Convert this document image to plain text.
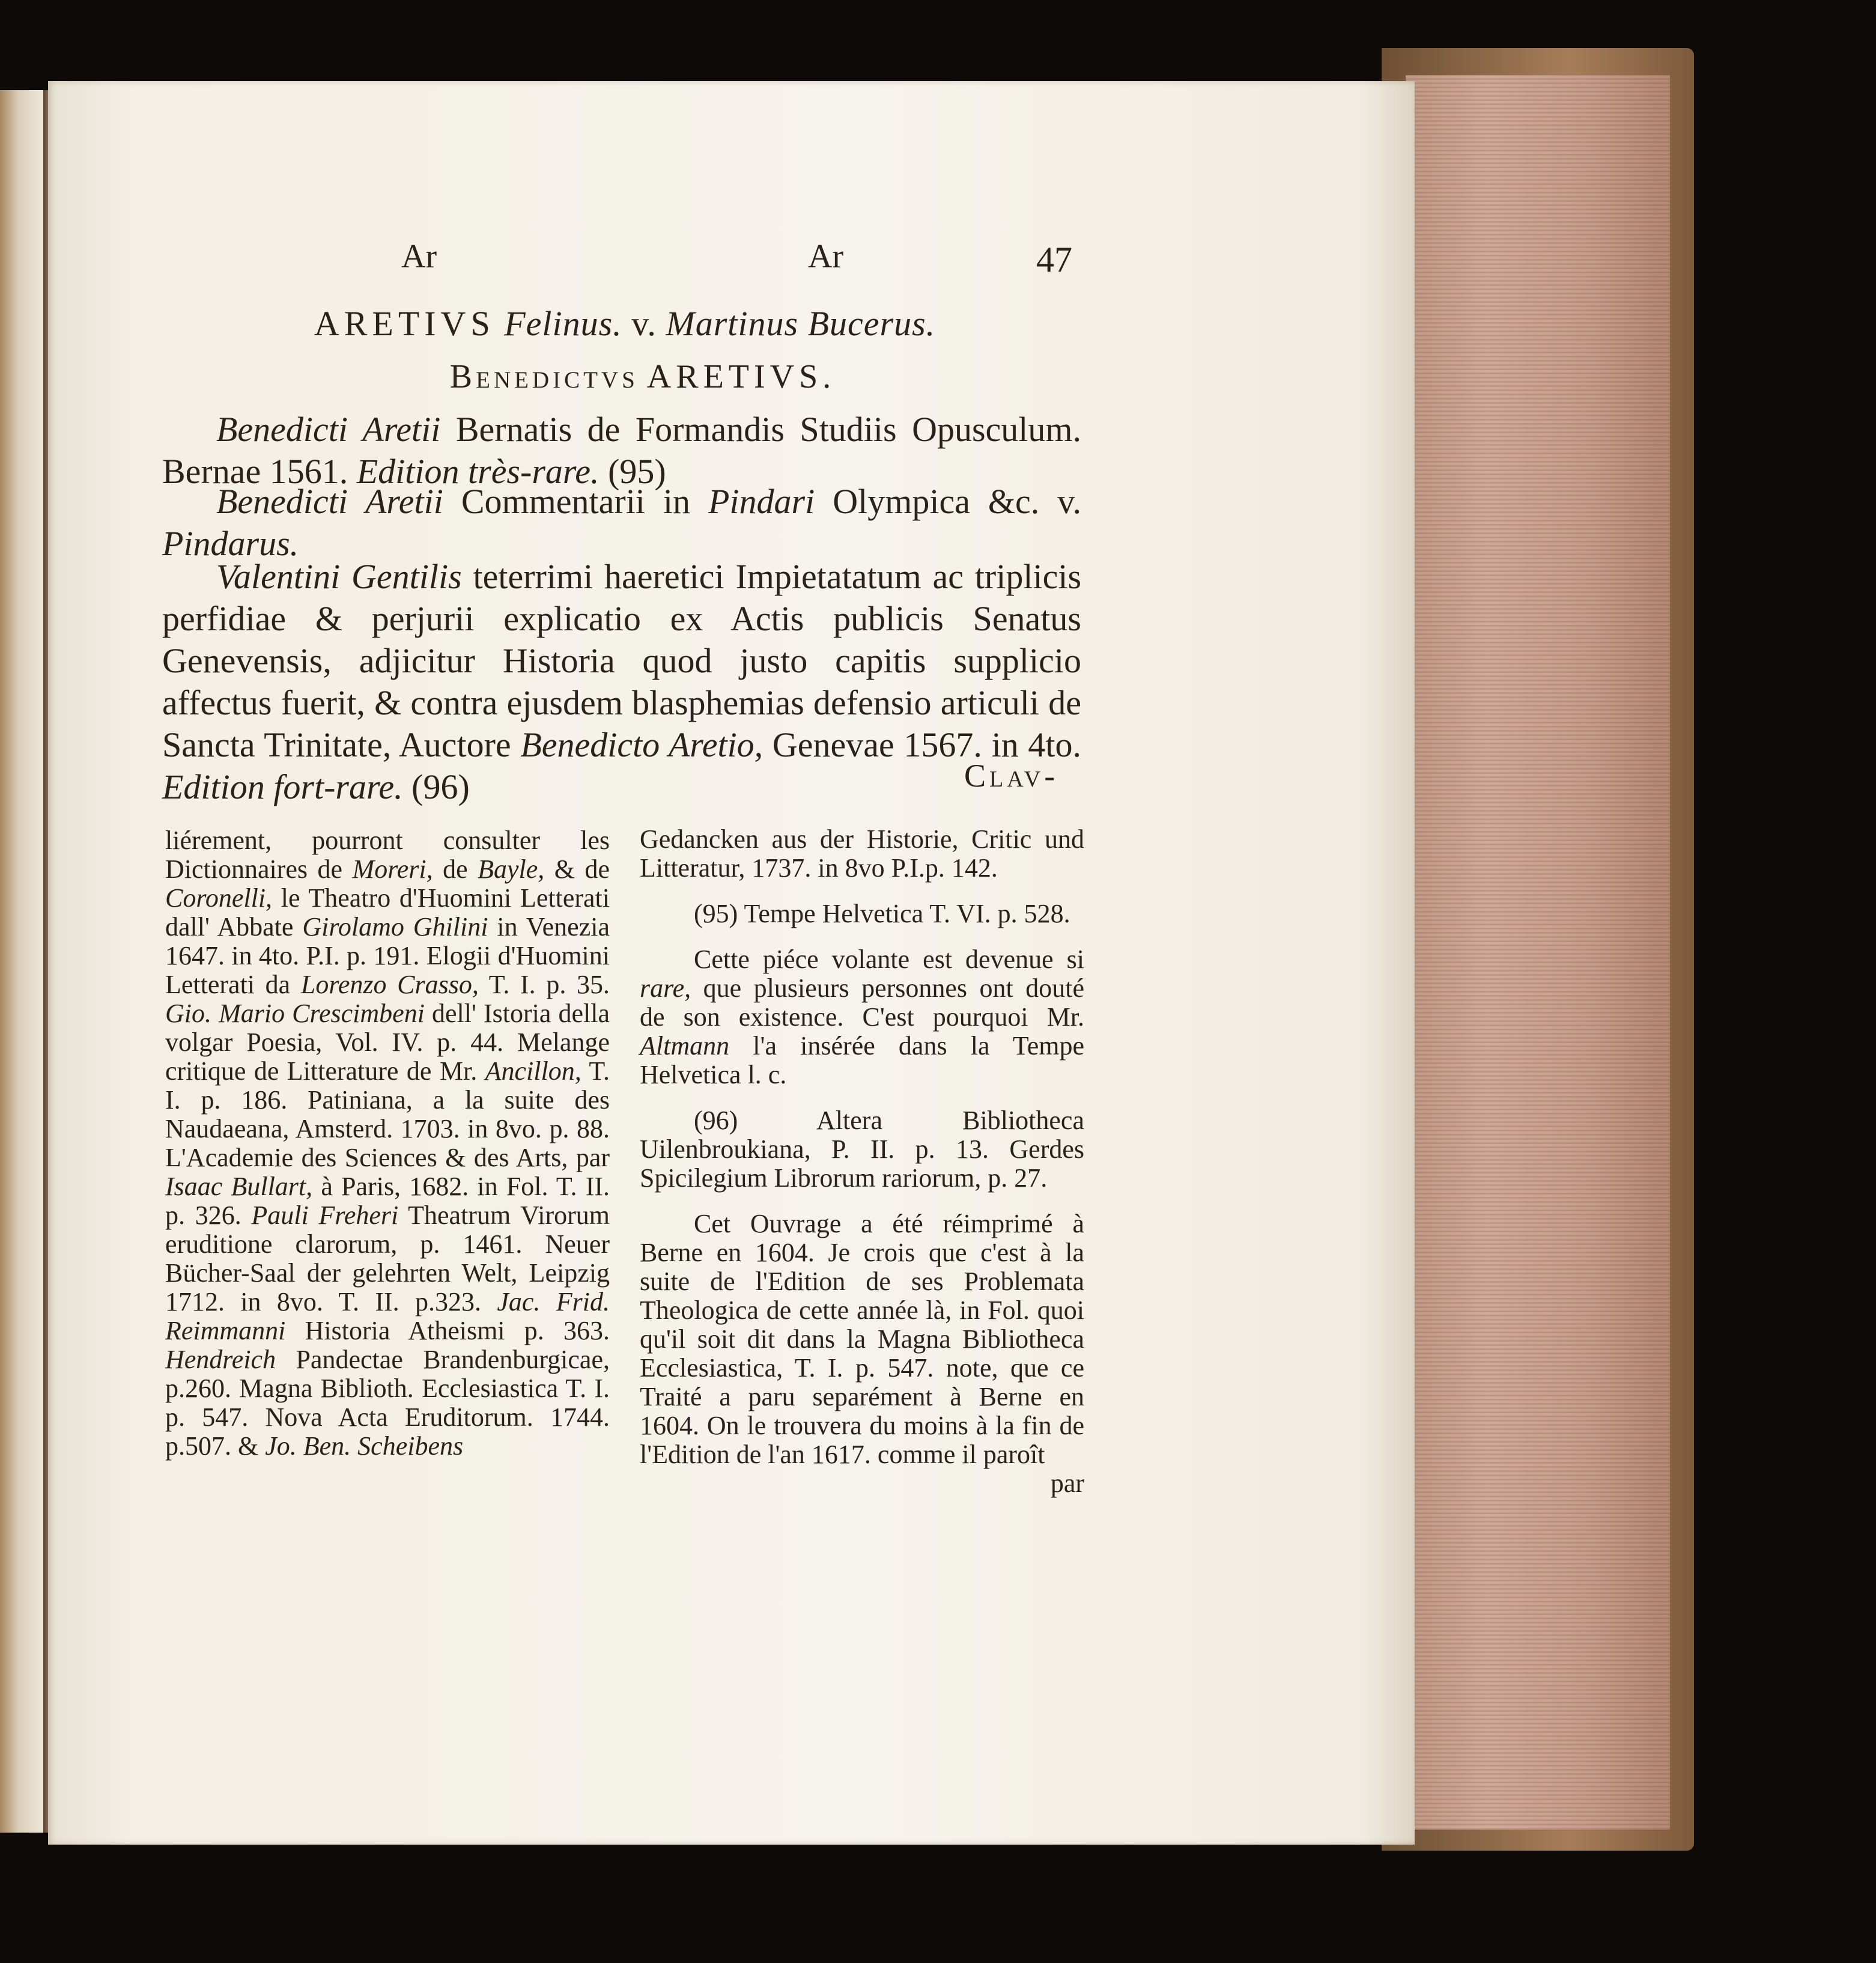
Ar	Ar	47
ARETIVS Felinus. v. Martinus Bucerus.
Benedictvs ARETIVS.
Benedicti Aretii Bernatis de Formandis Studiis Opusculum. Bernae 1561. Edition très-rare. (95)
Benedicti Aretii Commentarii in Pindari Olympica &c. v. Pindarus.
Valentini Gentilis teterrimi haeretici Impietatatum ac triplicis perfidiae & perjurii explicatio ex Actis publicis Senatus Genevensis, adjicitur Historia quod justo capitis supplicio affectus fuerit, & contra ejusdem blasphemias defensio articuli de Sancta Trinitate, Auctore Benedicto Aretio, Genevae 1567. in 4to. Edition fort-rare. (96)	Clav-
liérement, pourront consulter les Dictionnaires de Moreri, de Bayle, & de Coronelli, le Theatro d'Huomini Letterati dall' Abbate Girolamo Ghilini in Venezia 1647. in 4to. P.I. p. 191. Elogii d'Huomini Letterati da Lorenzo Crasso, T. I. p. 35. Gio. Mario Crescimbeni dell' Istoria della volgar Poesia, Vol. IV. p. 44. Melange critique de Litterature de Mr. Ancillon, T. I. p. 186. Patiniana, a la suite des Naudaeana, Amsterd. 1703. in 8vo. p. 88. L'Academie des Sciences & des Arts, par Isaac Bullart, à Paris, 1682. in Fol. T. II. p. 326. Pauli Freheri Theatrum Virorum eruditione clarorum, p. 1461. Neuer Bücher-Saal der gelehrten Welt, Leipzig 1712. in 8vo. T. II. p.323. Jac. Frid. Reimmanni Historia Atheismi p. 363. Hendreich Pandectae Brandenburgicae, p.260. Magna Biblioth. Ecclesiastica T. I. p. 547. Nova Acta Eruditorum. 1744. p.507. & Jo. Ben. Scheibens
Gedancken aus der Historie, Critic und Litteratur, 1737. in 8vo P.I.p. 142.
(95) Tempe Helvetica T. VI. p. 528.
Cette piéce volante est devenue si rare, que plusieurs personnes ont douté de son existence. C'est pourquoi Mr. Altmann l'a insérée dans la Tempe Helvetica l. c.
(96) Altera Bibliotheca Uilenbroukiana, P. II. p. 13. Gerdes Spicilegium Librorum rariorum, p. 27.
Cet Ouvrage a été réimprimé à Berne en 1604. Je crois que c'est à la suite de l'Edition de ses Problemata Theologica de cette année là, in Fol. quoi qu'il soit dit dans la Magna Bibliotheca Ecclesiastica, T. I. p. 547. note, que ce Traité a paru separément à Berne en 1604. On le trouvera du moins à la fin de l'Edition de l'an 1617. comme il paroît
par
